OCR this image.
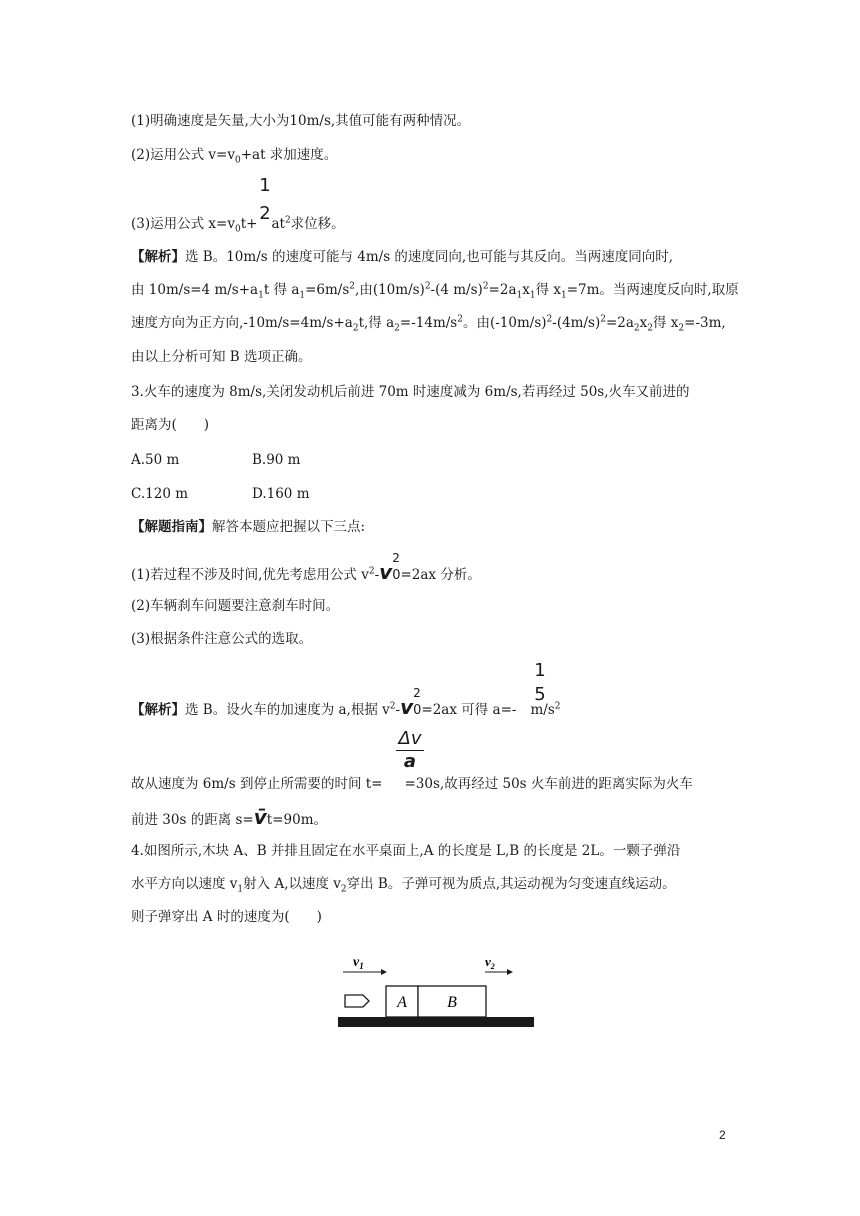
(1)明确速度是矢量,大小为10m/s,其值可能有两种情况。
(2)运用公式 $v=v_0+at$ 求加速度。
1
2
(3)运用公式 $x=v_0t+ at^2$求位移。
【解析】选 B。10m/s 的速度可能与 4m/s 的速度同向,也可能与其反向。当两速度同向时,
由 10m/s=4 $m/s+a_1t$ 得 $a_1=6m/s^2$,由$(10m/s)^2-(4$ $m/s)^2=2a_1x_1$得 $x_1=7m$。当两速度反向时,取原
速度方向为正方向$,-10m/s=4m/s+a_2t$,得 $a_2=-14m/s^2$。由$(-10m/s)^2-(4m/s)^2=2a_2x_2$得 $x_2=-3m$,
由以上分析可知 B 选项正确。
3.火车的速度为 8m/s,关闭发动机后前进 70m 时速度减为 6m/s,若再经过 50s,火车又前进的
距离为(　　)
A.50 m	B.90 m
C.120 m	D.160 m
【解题指南】解答本题应把握以下三点:
(1)若过程不涉及时间,优先考虑用公式 $v^2-v$
2
0=2ax 分析。
(2)车辆刹车问题要注意刹车时间。
(3)根据条件注意公式的选取。
1
5
【解析】选 B。设火车的加速度为 a,根据 $v^2-v$
2
0=2ax 可得 a=- $m/s^2$
Δv
a
故从速度为 6m/s 到停止所需要的时间 t= =30s,故再经过 50s 火车前进的距离实际为火车
前进 30s 的距离 s=v̄t=90m。
4.如图所示,木块 A、B 并排且固定在水平桌面上,A 的长度是 L,B 的长度是 2L。一颗子弹沿
水平方向以速度 $v_1$射入 A,以速度 $v_2$穿出 B。子弹可视为质点,其运动视为匀变速直线运动。
则子弹穿出 A 时的速度为(　　)
$v_1$	$v_2$
A	B
2
